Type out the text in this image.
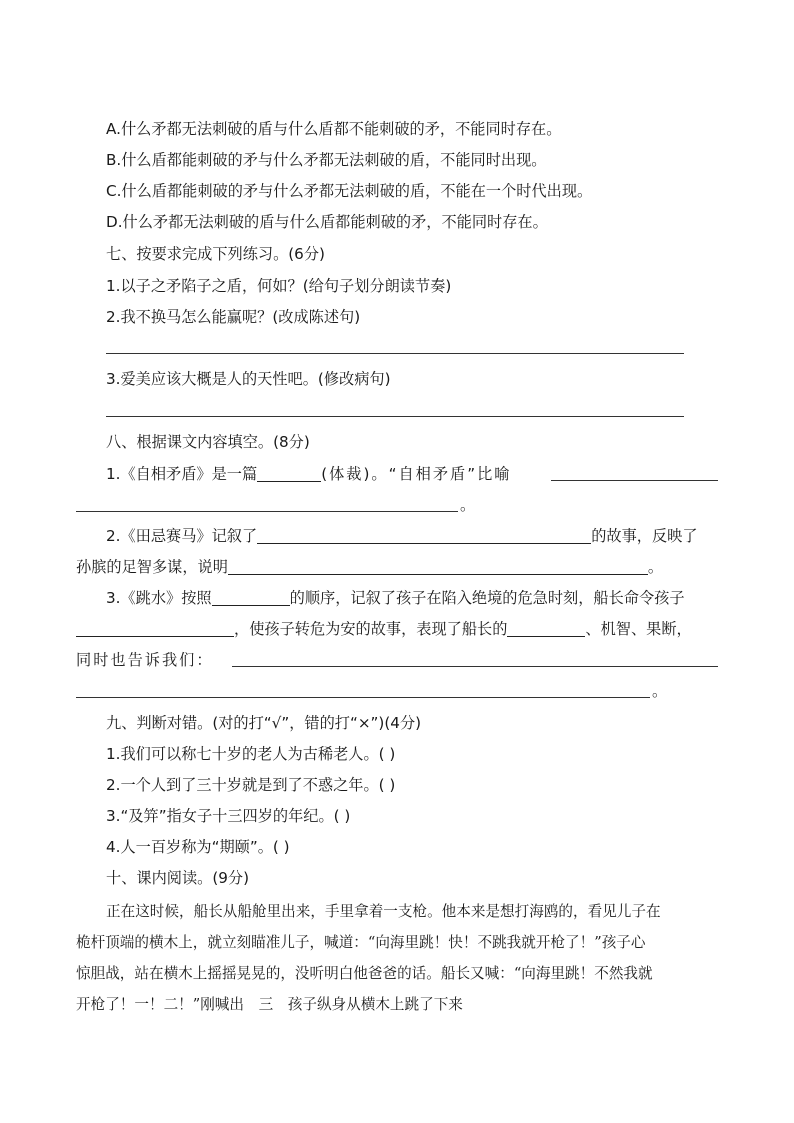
A.什么矛都无法刺破的盾与什么盾都不能刺破的矛，不能同时存在。
B.什么盾都能刺破的矛与什么矛都无法刺破的盾，不能同时出现。
C.什么盾都能刺破的矛与什么矛都无法刺破的盾，不能在一个时代出现。
D.什么矛都无法刺破的盾与什么盾都能刺破的矛，不能同时存在。
七、按要求完成下列练习。(6分)
1.以子之矛陷子之盾，何如？(给句子划分朗读节奏)
2.我不换马怎么能赢呢？(改成陈述句)
3.爱美应该大概是人的天性吧。(修改病句)
八、根据课文内容填空。(8分)
1.《自相矛盾》是一篇	(体裁)。“自相矛盾”比喻
。
2.《田忌赛马》记叙了	的故事，反映了
孙膑的足智多谋，说明	。
3.《跳水》按照	的顺序，记叙了孩子在陷入绝境的危急时刻，船长命令孩子
，使孩子转危为安的故事，表现了船长的	、机智、果断，
同时也告诉我们：
。
九、判断对错。(对的打“√”，错的打“×”)(4分)
1.我们可以称七十岁的老人为古稀老人。( )
2.一个人到了三十岁就是到了不惑之年。( )
3.“及笄”指女子十三四岁的年纪。( )
4.人一百岁称为“期颐”。( )
十、课内阅读。(9分)
正在这时候，船长从船舱里出来，手里拿着一支枪。他本来是想打海鸥的，看见儿子在
桅杆顶端的横木上，就立刻瞄准儿子，喊道：“向海里跳！快！不跳我就开枪了！”孩子心
惊胆战，站在横木上摇摇晃晃的，没听明白他爸爸的话。船长又喊：“向海里跳！不然我就
开枪了！一！二！”刚喊出　三　孩子纵身从横木上跳了下来
